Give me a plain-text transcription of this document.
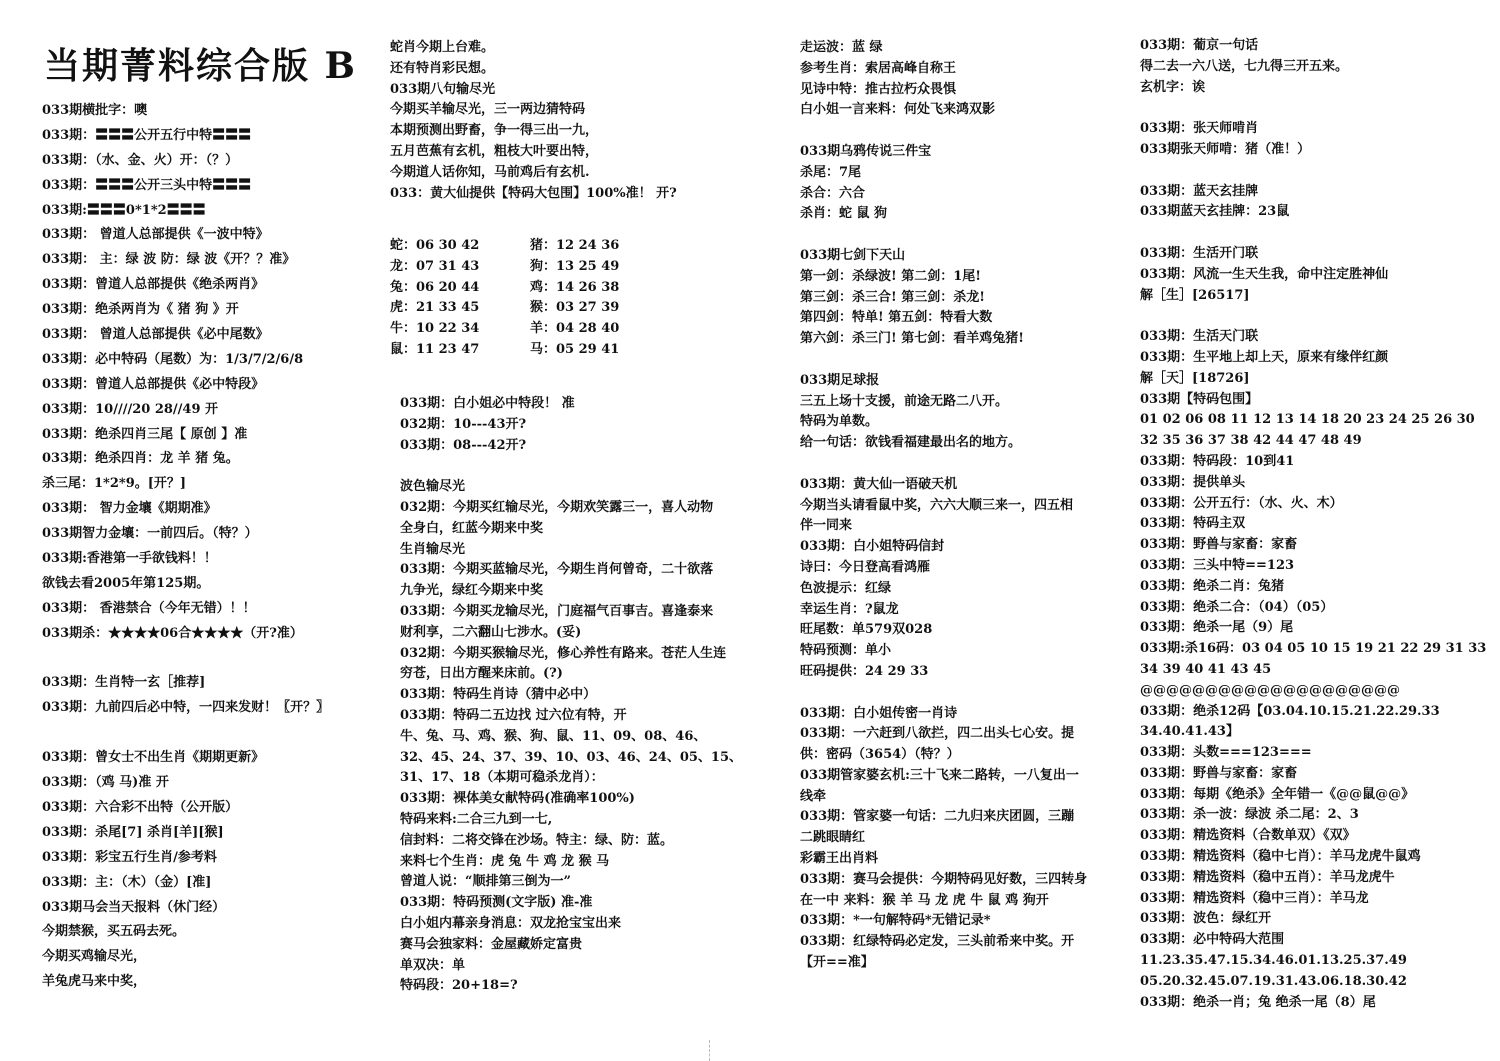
当期菁料综合版 B
033期横批字：噢
033期：〓〓〓公开五行中特〓〓〓
033期：（水、金、火）开：（？）
033期：〓〓〓公开三头中特〓〓〓
033期:〓〓〓0*1*2〓〓〓
033期： 曾道人总部提供《一波中特》
033期： 主：绿 波 防：绿 波《开？？准》
033期：曾道人总部提供《绝杀两肖》
033期：绝杀两肖为《 猪 狗 》开
033期： 曾道人总部提供《必中尾数》
033期：必中特码（尾数）为：1/3/7/2/6/8
033期：曾道人总部提供《必中特段》
033期：10////20 28//49 开
033期：绝杀四肖三尾【 原创 】准
033期：绝杀四肖：龙 羊 猪 兔。
杀三尾：1*2*9。[开？]
033期： 智力金壤《期期准》
033期智力金壤：一前四后。（特？）
033期:香港第一手欲钱料！！
欲钱去看2005年第125期。
033期： 香港禁合（今年无错）！！
033期杀：★★★★06合★★★★（开?准）
033期：生肖特一玄［推荐]
033期：九前四后必中特，一四来发财！〖开？〗
033期：曾女士不出生肖《期期更新》
033期：（鸡 马)准 开
033期：六合彩不出特（公开版）
033期：杀尾[7] 杀肖[羊][猴]
033期：彩宝五行生肖/参考料
033期：主：（木）（金）[准]
033期马会当天报料（休门经）
今期禁猴，买五码去死。
今期买鸡输尽光，
羊兔虎马来中奖，
蛇肖今期上台难。
还有特肖彩民想。
033期八句输尽光
今期买羊输尽光，三一两边猜特码
本期预测出野畜，争一得三出一九，
五月芭蕉有玄机，粗枝大叶要出特，
今期道人话你知，马前鸡后有玄机.
033：黄大仙提供【特码大包围】100%准！ 开?
蛇：06 30 42	猪：12 24 36
龙：07 31 43	狗：13 25 49
兔：06 20 44	鸡：14 26 38
虎：21 33 45	猴：03 27 39
牛：10 22 34	羊：04 28 40
鼠：11 23 47	马：05 29 41
033期：白小姐必中特段！ 准
032期：10---43开?
033期：08---42开?
波色输尽光
032期：今期买红输尽光，今期欢笑露三一，喜人动物
全身白，红蓝今期来中奖
生肖输尽光
033期：今期买蓝输尽光，今期生肖何曾奇，二十欲落
九争光，绿红今期来中奖
033期：今期买龙输尽光，门庭福气百事吉。喜逢泰来
财利享，二六翻山七涉水。(妥)
032期：今期买猴输尽光，修心养性有路来。苍茫人生连
穷苍，日出方醒来床前。(?)
033期：特码生肖诗（猜中必中）
033期：特码二五边找 过六位有特，开
牛、兔、马、鸡、猴、狗、鼠、11、09、08、46、
32、45、24、37、39、10、03、46、24、05、15、
31、17、18（本期可稳杀龙肖）：
033期：裸体美女献特码(准确率100%)
特码来料:二合三九到一七,
信封料：二将交锋在沙场。特主：绿、防：蓝。
来料七个生肖：虎 兔 牛 鸡 龙 猴 马
曾道人说：“顺排第三倒为一”
033期：特码预测(文字版) 准-准
白小姐内幕亲身消息：双龙抢宝宝出来
赛马会独家料：金屋藏娇定富贵
单双决：单
特码段：20+18=?
走运波：蓝 绿
参考生肖：索居高峰自称王
见诗中特：推古拉朽众畏惧
白小姐一言来料：何处飞来鸿双影
033期乌鸦传说三件宝
杀尾：7尾
杀合：六合
杀肖：蛇 鼠 狗
033期七剑下天山
第一剑：杀绿波! 第二剑：1尾!
第三剑：杀三合! 第三剑：杀龙!
第四剑：特单! 第五剑：特看大数
第六剑：杀三门! 第七剑：看羊鸡兔猪!
033期足球报
三五上场十支援，前途无路二八开。
特码为单数。
给一句话：欲钱看福建最出名的地方。
033期：黄大仙一语破天机
今期当头请看鼠中奖，六六大顺三来一，四五相
伴一同来
033期：白小姐特码信封
诗曰：今日登高看鸿雁
色波提示：红绿
幸运生肖：?鼠龙
旺尾数：单579双028
特码预测：单小
旺码提供：24 29 33
033期：白小姐传密一肖诗
033期：一六赶到八欲拦，四二出头七心安。提
供：密码（3654）（特？）
033期管家婆玄机:三十飞来二路转，一八复出一
线牵
033期：管家婆一句话：二九归来庆团圆，三蹦
二跳眼睛红
彩霸王出肖料
033期：赛马会提供：今期特码见好数，三四转身
在一中 来料：猴 羊 马 龙 虎 牛 鼠 鸡 狗开
033期：*一句解特码*无错记录*
033期：红绿特码必定发，三头前希来中奖。开
【开==准】
033期：葡京一句话
得二去一六八送，七九得三开五来。
玄机字：诶
033期：张天师啃肖
033期张天师啃：猪（准！）
033期：蓝天玄挂牌
033期蓝天玄挂牌：23鼠
033期：生活开门联
033期：风流一生天生我，命中注定胜神仙
解［生］[26517]
033期：生活天门联
033期：生平地上却上天，原来有缘伴红颜
解［天］[18726]
033期【特码包围】
01 02 06 08 11 12 13 14 18 20 23 24 25 26 30
32 35 36 37 38 42 44 47 48 49
033期：特码段：10到41
033期：提供单头
033期：公开五行：（水、火、木）
033期：特码主双
033期：野兽与家畜：家畜
033期：三头中特==123
033期：绝杀二肖：兔猪
033期：绝杀二合：（04）（05）
033期：绝杀一尾（9）尾
033期:杀16码：03 04 05 10 15 19 21 22 29 31 33
34 39 40 41 43 45
@@@@@@@@@@@@@@@@@@@@
033期：绝杀12码【03.04.10.15.21.22.29.33
34.40.41.43】
033期：头数===123===
033期：野兽与家畜：家畜
033期：每期《绝杀》全年错一《@@鼠@@》
033期：杀一波：绿波 杀二尾：2、3
033期：精选资料（合数单双）《双》
033期：精选资料（稳中七肖）：羊马龙虎牛鼠鸡
033期：精选资料（稳中五肖）：羊马龙虎牛
033期：精选资料（稳中三肖）：羊马龙
033期：波色：绿红开
033期：必中特码大范围
11.23.35.47.15.34.46.01.13.25.37.49
05.20.32.45.07.19.31.43.06.18.30.42
033期：绝杀一肖；兔 绝杀一尾（8）尾
